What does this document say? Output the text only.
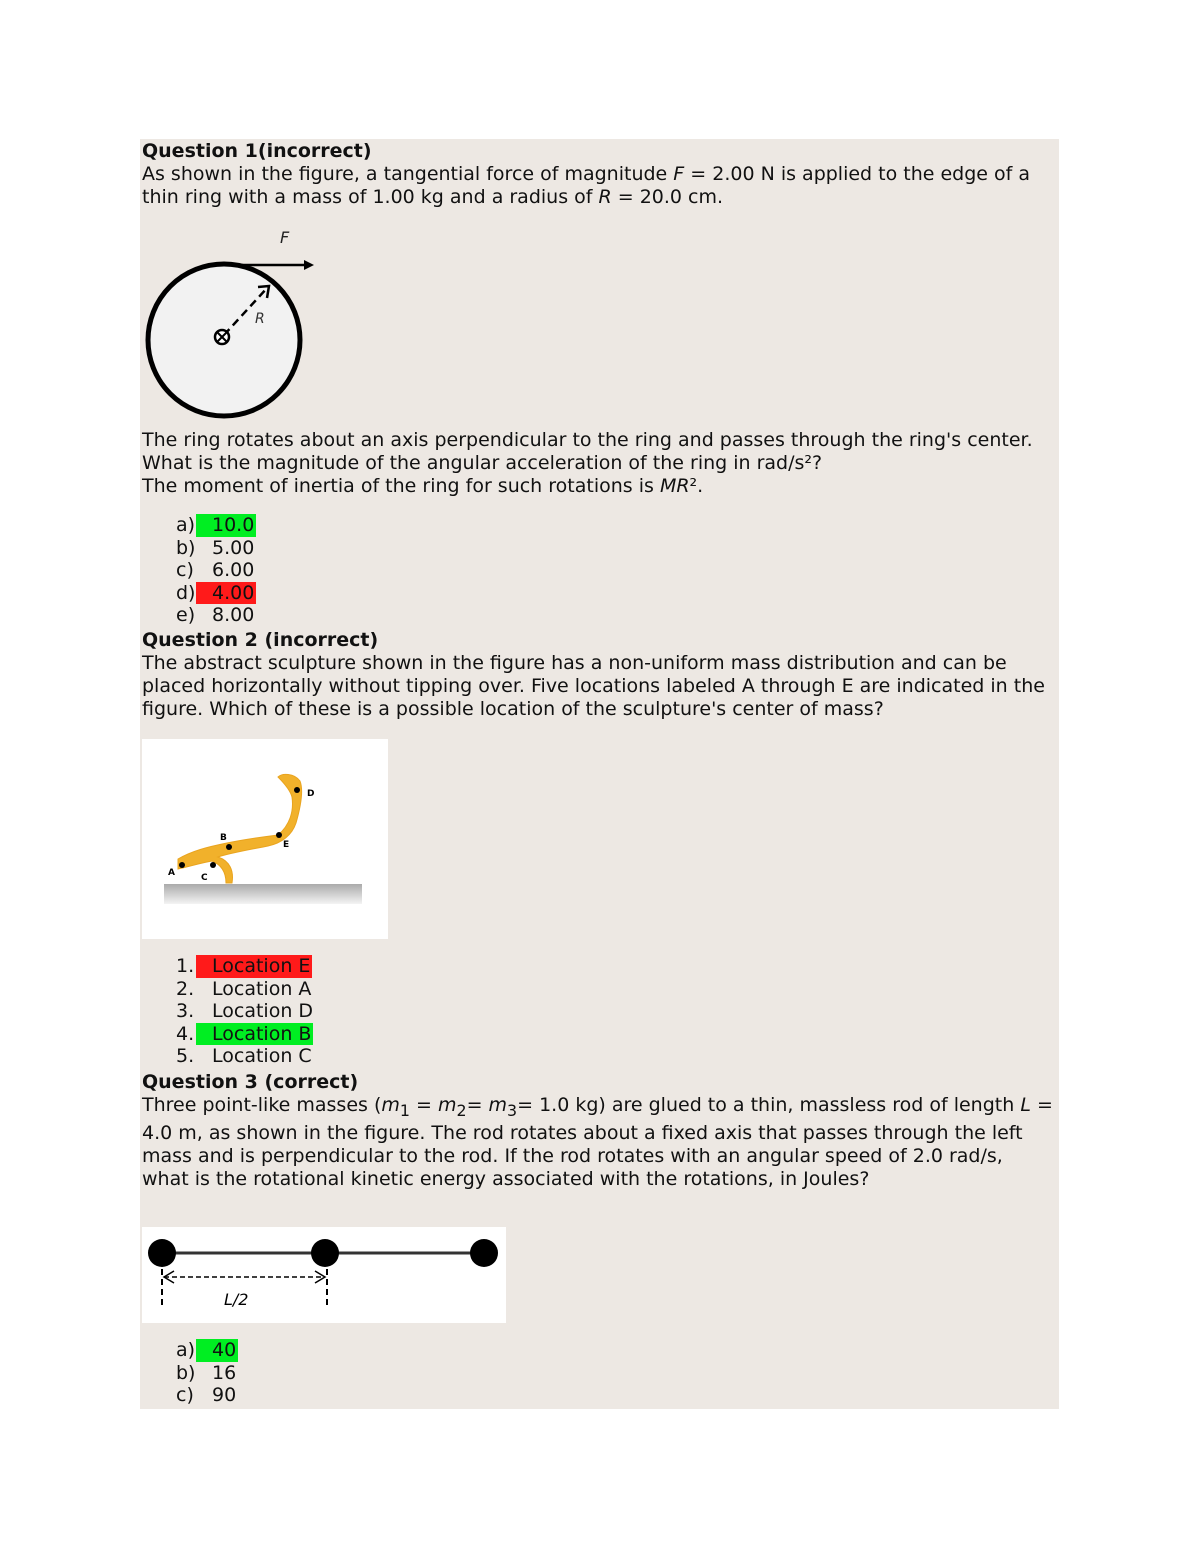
Question 1(incorrect)
As shown in the figure, a tangential force of magnitude F = 2.00 N is applied to the edge of a thin ring with a mass of 1.00 kg and a radius of R = 20.0 cm.
F
R
The ring rotates about an axis perpendicular to the ring and passes through the ring's center. What is the magnitude of the angular acceleration of the ring in rad/s²?
The moment of inertia of the ring for such rotations is MR².
a) 10.0
b) 5.00
c) 6.00
d) 4.00
e) 8.00
Question 2 (incorrect)
The abstract sculpture shown in the figure has a non-uniform mass distribution and can be placed horizontally without tipping over. Five locations labeled A through E are indicated in the figure. Which of these is a possible location of the sculpture's center of mass?
D
E
B
A	C
1. Location E
2. Location A
3. Location D
4. Location B
5. Location C
Question 3 (correct)
Three point-like masses ($m_1 = m_2= m_3= 1.0$ kg) are glued to a thin, massless rod of length L = 4.0 m, as shown in the figure. The rod rotates about a fixed axis that passes through the left mass and is perpendicular to the rod. If the rod rotates with an angular speed of 2.0 rad/s, what is the rotational kinetic energy associated with the rotations, in Joules?
L/2
a) 40
b) 16
c) 90
